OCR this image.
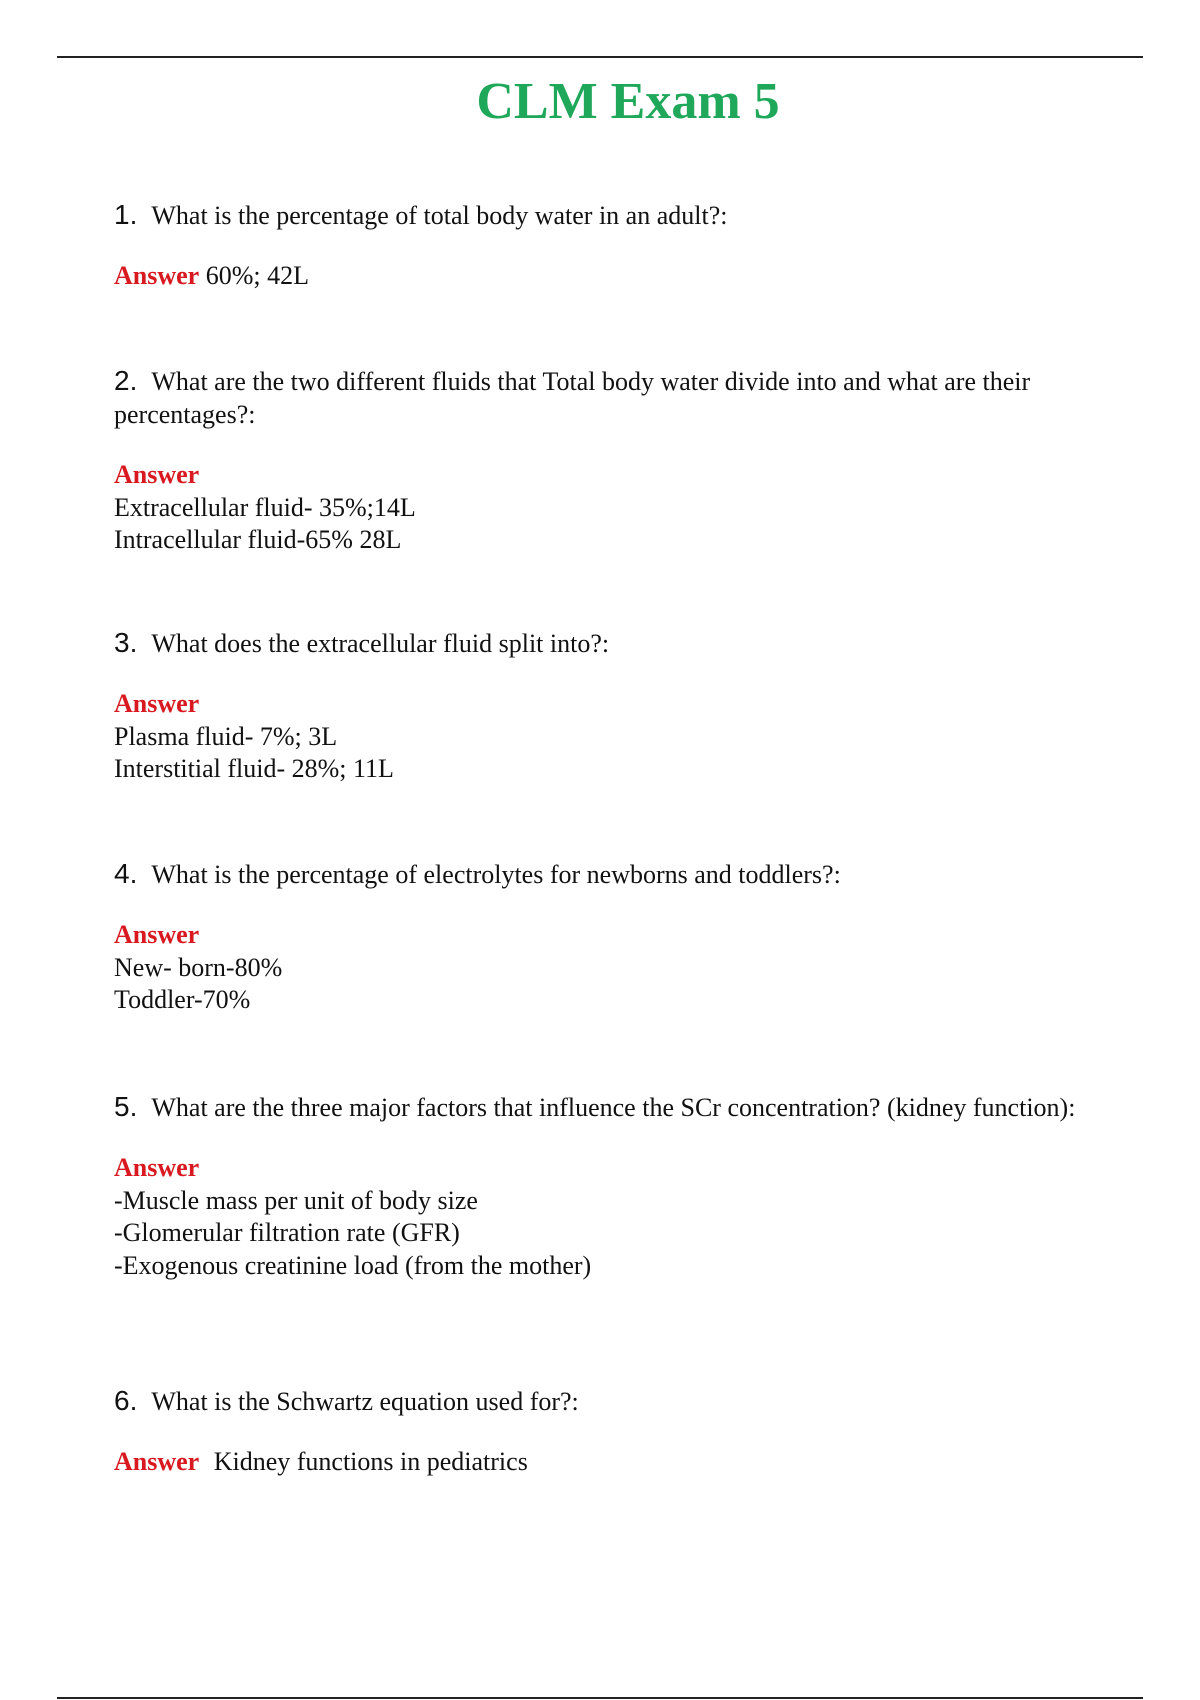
CLM Exam 5

1. What is the percentage of total body water in an adult?:

Answer 60%; 42L

2. What are the two different fluids that Total body water divide into and what are their percentages?:

Answer
Extracellular fluid- 35%;14L
Intracellular fluid-65% 28L

3. What does the extracellular fluid split into?:

Answer
Plasma fluid- 7%; 3L
Interstitial fluid- 28%; 11L

4. What is the percentage of electrolytes for newborns and toddlers?:

Answer
New- born-80%
Toddler-70%

5. What are the three major factors that influence the SCr concentration? (kidney function):

Answer
-Muscle mass per unit of body size
-Glomerular filtration rate (GFR)
-Exogenous creatinine load (from the mother)

6. What is the Schwartz equation used for?:

Answer Kidney functions in pediatrics
